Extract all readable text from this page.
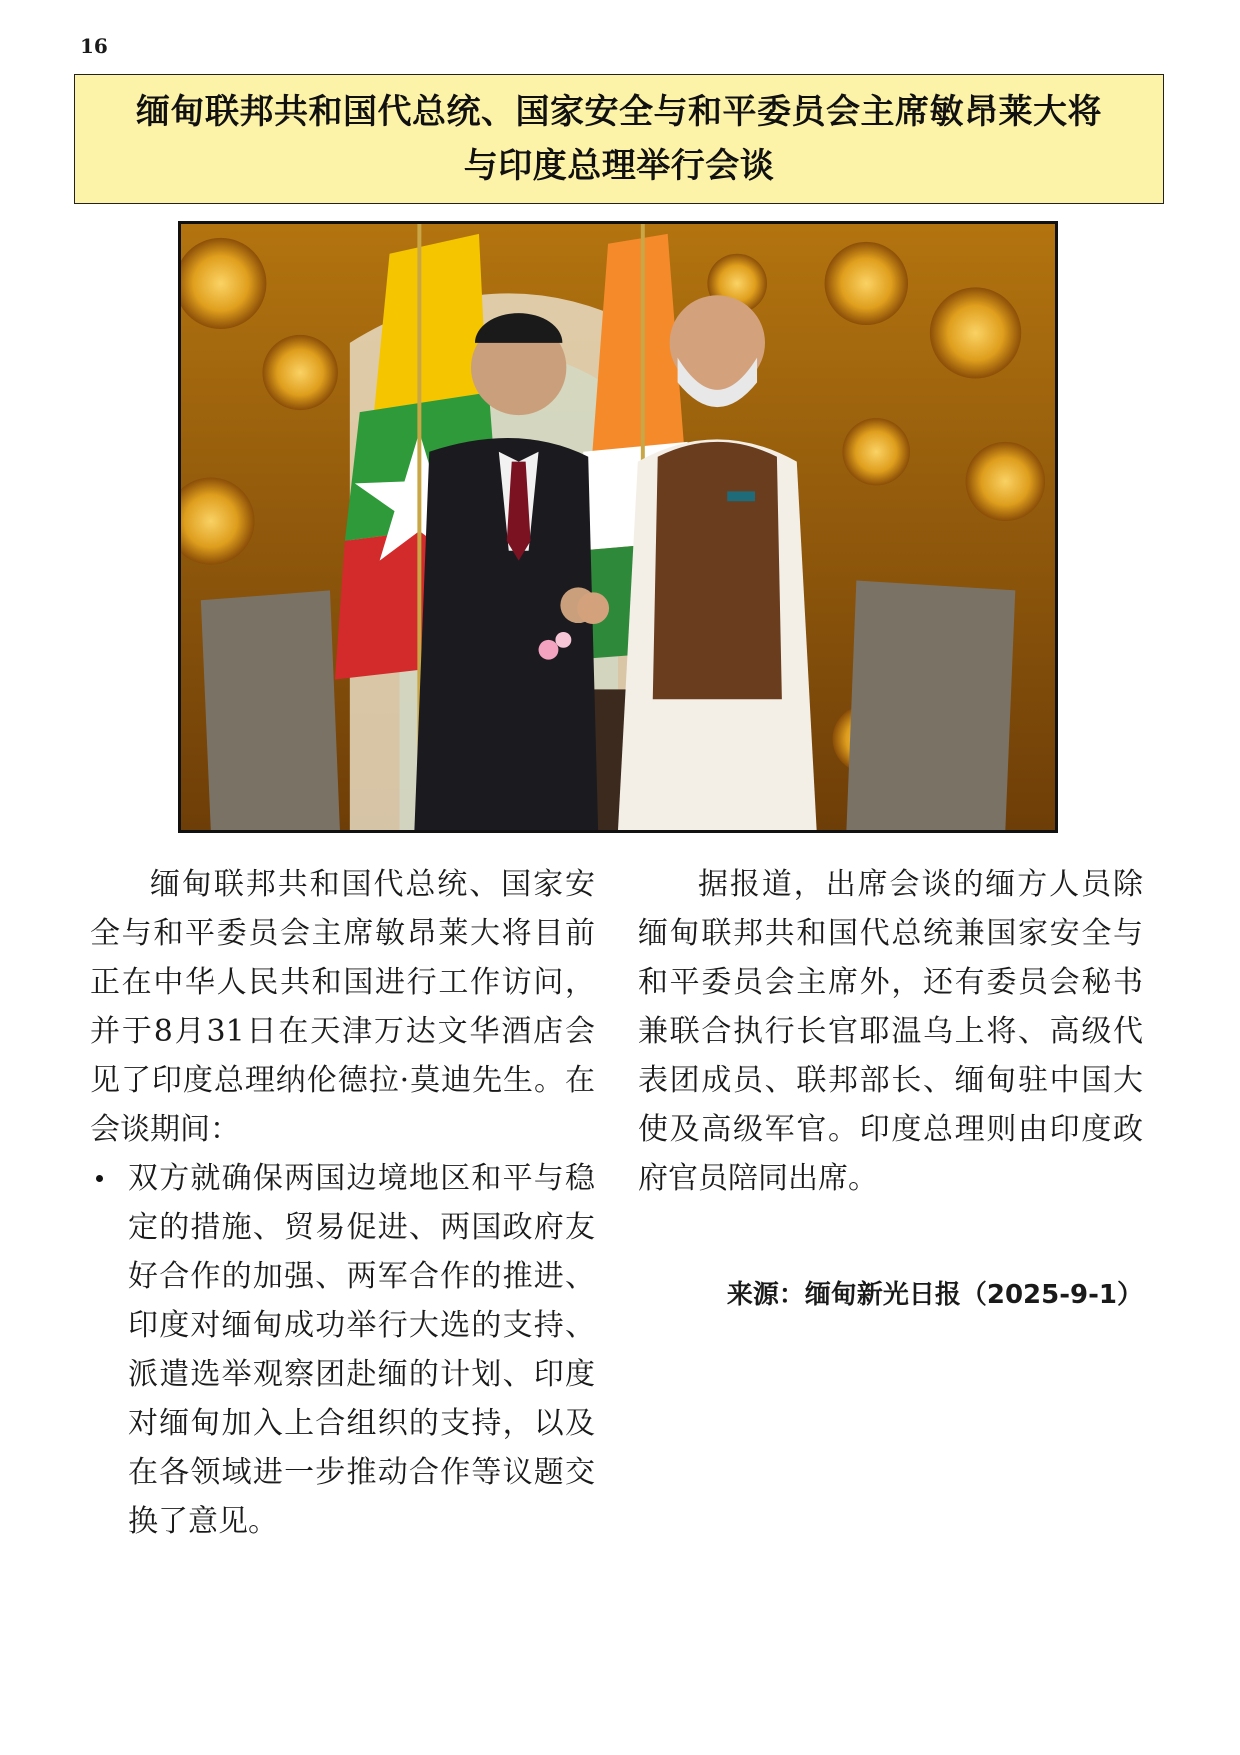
16
缅甸联邦共和国代总统、国家安全与和平委员会主席敏昂莱大将
与印度总理举行会谈

缅甸联邦共和国代总统、国家安全与和平委员会主席敏昂莱大将目前正在中华人民共和国进行工作访问，并于8月31日在天津万达文华酒店会见了印度总理纳伦德拉·莫迪先生。在会谈期间：

双方就确保两国边境地区和平与稳定的措施、贸易促进、两国政府友好合作的加强、两军合作的推进、印度对缅甸成功举行大选的支持、派遣选举观察团赴缅的计划、印度对缅甸加入上合组织的支持，以及在各领域进一步推动合作等议题交换了意见。

据报道，出席会谈的缅方人员除缅甸联邦共和国代总统兼国家安全与和平委员会主席外，还有委员会秘书兼联合执行长官耶温乌上将、高级代表团成员、联邦部长、缅甸驻中国大使及高级军官。印度总理则由印度政府官员陪同出席。

来源：缅甸新光日报（2025-9-1）
